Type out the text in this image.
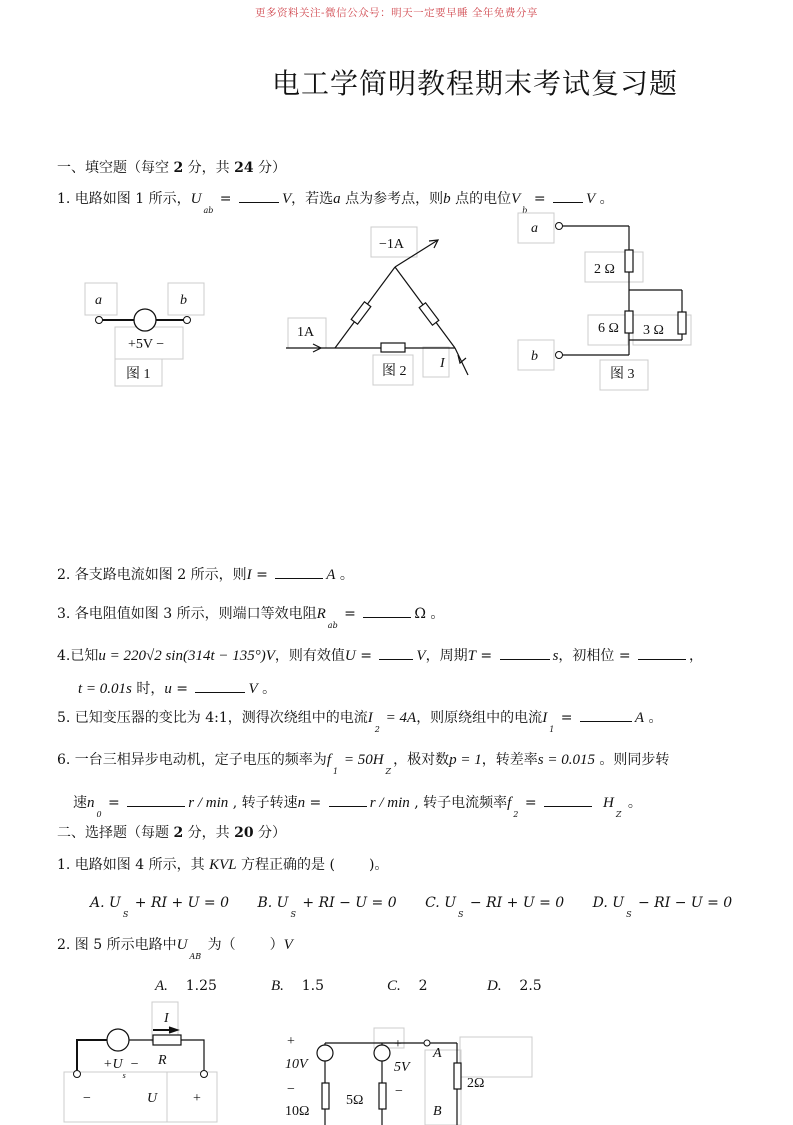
更多资料关注-微信公众号：明天一定要早睡 全年免费分享
电工学简明教程期末考试复习题
一、填空题（每空 2 分，共 24 分）
1. 电路如图 1 所示，$U_{ab}$ =	V，若选a 点为参考点，则b 点的电位$V_b = V$ 。
a	b
+5V −
图 1
−1A
1A
I
图 2
a
b
2 Ω
6 Ω 3 Ω
图 3
2. 各支路电流如图 2 所示，则I =	A 。
3. 各电阻值如图 3 所示，则端口等效电阻$R_{ab}$ =	Ω 。
4.已知u = 220√2 sin(314t − 135°)V，则有效值U =	V，周期T =	s，初相位 =	，
t = 0.01s 时，u =	V 。
5. 已知变压器的变比为 4:1，测得次绕组中的电流$I_2 = 4A$，则原绕组中的电流$I_1$ =	A 。
6. 一台三相异步电动机，定子电压的频率为$f_1 = 50H_Z$，极对数p = 1，转差率s = 0.015 。则同步转
速$n_0$ =	r / min , 转子转速n =	r / min , 转子电流频率$f_2$ =	$H_Z$ 。
二、选择题（每题 2 分，共 20 分）
1. 电路如图 4 所示，其 KVL 方程正确的是 ( )。
A. $U_S$ + RI + U = 0 B. $U_S$ + RI − U = 0 C. $U_S$ − RI + U = 0 D. $U_S$ − RI − U = 0
2. 图 5 所示电路中$U_{AB}$ 为（ ）V
A. 1.25	B. 1.5	C. 2	D. 2.5
I
R
$+U_s-$
−	U	+
+
10V
−
10Ω
5Ω
+
5V
−
A
B
2Ω
